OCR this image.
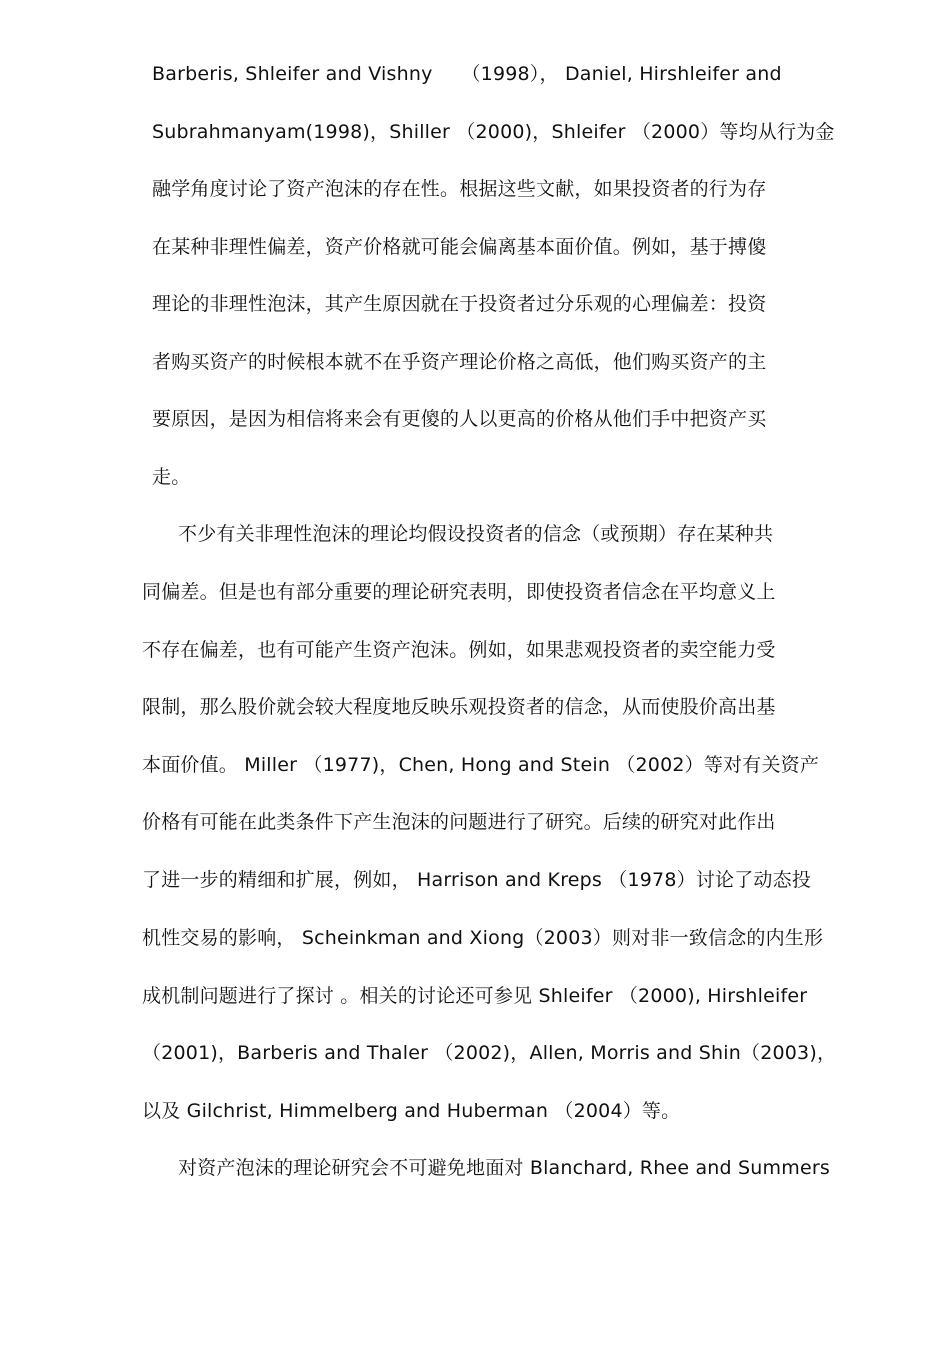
Barberis, Shleifer and Vishny　　（1998）， Daniel, Hirshleifer and
Subrahmanyam(1998)，Shiller （2000)，Shleifer （2000）等均从行为金
融学角度讨论了资产泡沫的存在性。根据这些文献，如果投资者的行为存
在某种非理性偏差，资产价格就可能会偏离基本面价值。例如，基于搏傻
理论的非理性泡沫，其产生原因就在于投资者过分乐观的心理偏差：投资
者购买资产的时候根本就不在乎资产理论价格之高低，他们购买资产的主
要原因，是因为相信将来会有更傻的人以更高的价格从他们手中把资产买
走。
不少有关非理性泡沫的理论均假设投资者的信念（或预期）存在某种共
同偏差。但是也有部分重要的理论研究表明，即使投资者信念在平均意义上
不存在偏差，也有可能产生资产泡沫。例如，如果悲观投资者的卖空能力受
限制，那么股价就会较大程度地反映乐观投资者的信念，从而使股价高出基
本面价值。 Miller （1977)，Chen, Hong and Stein （2002）等对有关资产
价格有可能在此类条件下产生泡沫的问题进行了研究。后续的研究对此作出
了进一步的精细和扩展，例如， Harrison and Kreps （1978）讨论了动态投
机性交易的影响， Scheinkman and Xiong（2003）则对非一致信念的内生形
成机制问题进行了探讨 。相关的讨论还可参见 Shleifer （2000), Hirshleifer
（2001)，Barberis and Thaler （2002)，Allen, Morris and Shin（2003)，
以及 Gilchrist, Himmelberg and Huberman （2004）等。
对资产泡沫的理论研究会不可避免地面对 Blanchard, Rhee and Summers
